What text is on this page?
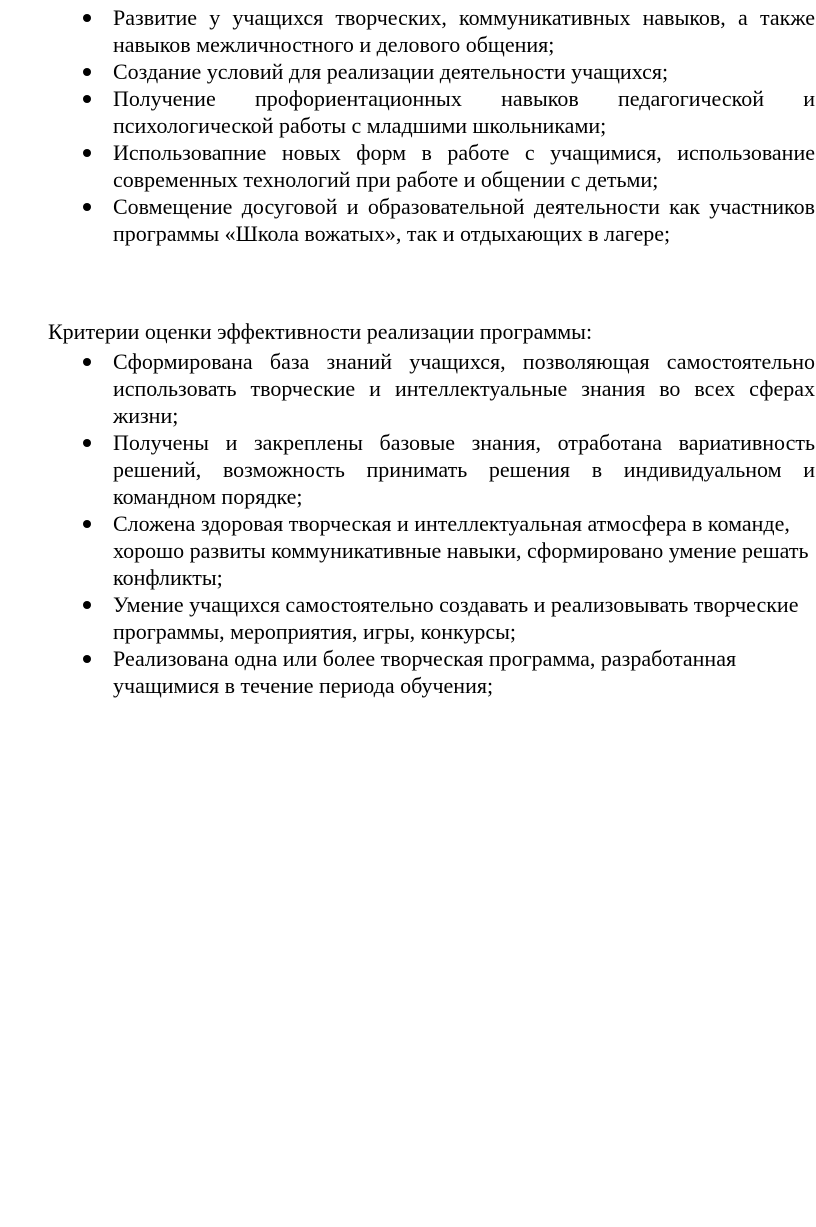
Развитие у учащихся творческих, коммуникативных навыков, а также навыков межличностного и делового общения;
Создание условий для реализации деятельности учащихся;
Получение профориентационных навыков педагогической и психологической работы с младшими школьниками;
Использовапние новых форм в работе с учащимися, использование современных технологий при работе и общении с детьми;
Совмещение досуговой и образовательной деятельности как участников программы «Школа вожатых», так и отдыхающих в лагере;

Критерии оценки эффективности реализации программы:

Сформирована база знаний учащихся, позволяющая самостоятельно использовать творческие и интеллектуальные знания во всех сферах жизни;
Получены и закреплены базовые знания, отработана вариативность решений, возможность принимать решения в индивидуальном и командном порядке;
Сложена здоровая творческая и интеллектуальная атмосфера в команде, хорошо развиты коммуникативные навыки, сформировано умение решать конфликты;
Умение учащихся самостоятельно создавать и реализовывать творческие программы, мероприятия, игры, конкурсы;
Реализована одна или более творческая программа, разработанная учащимися в течение периода обучения;
